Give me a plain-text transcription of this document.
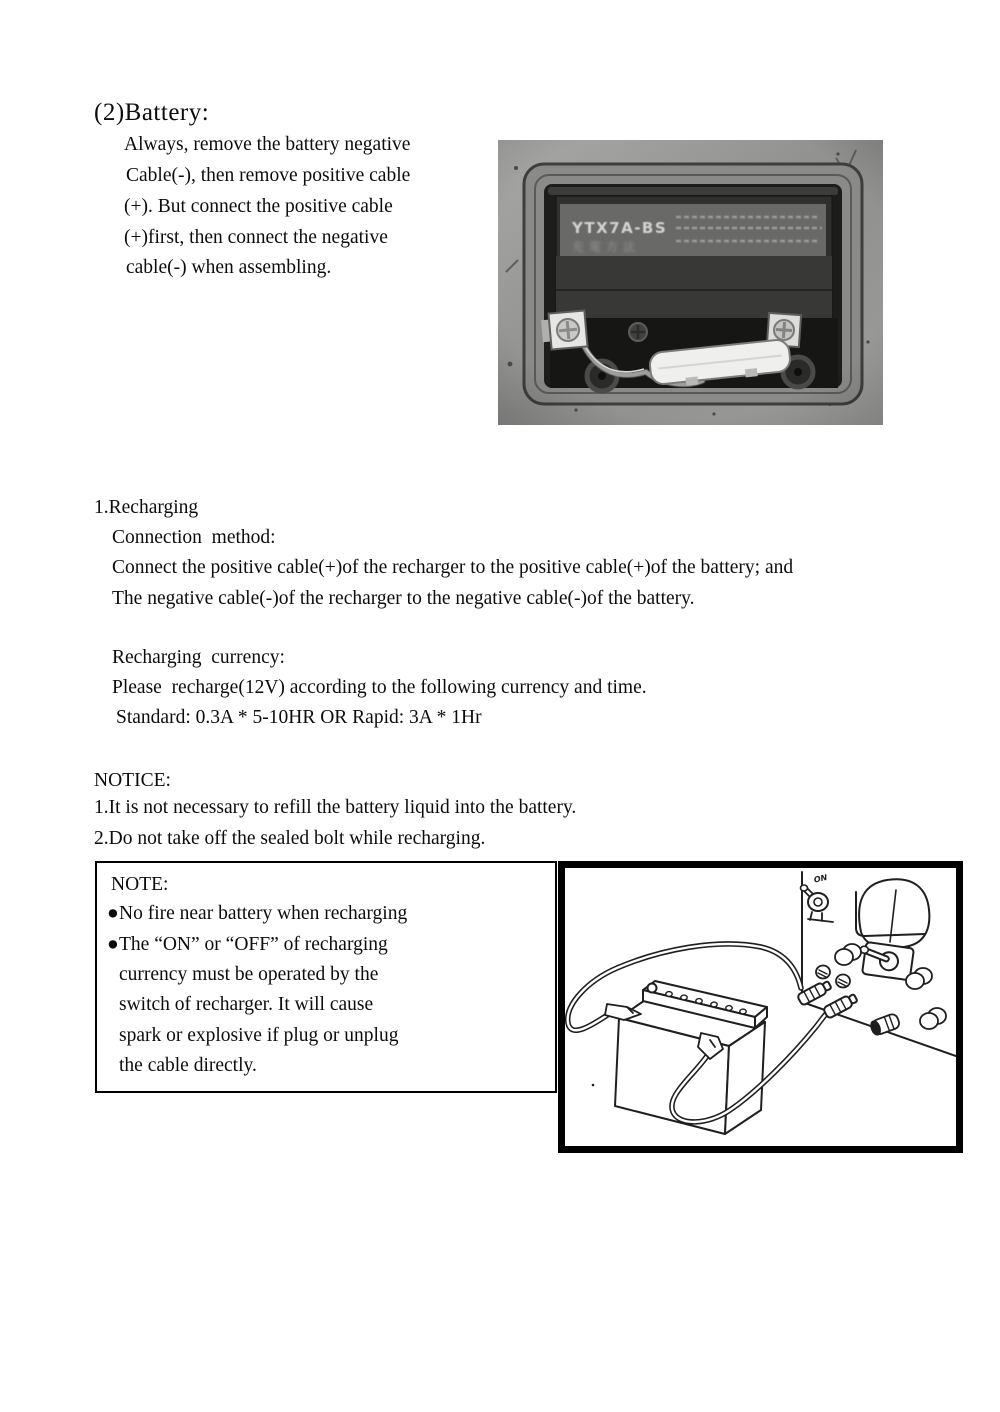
(2)Battery:
Always, remove the battery negative
Cable(-), then remove positive cable
(+). But connect the positive cable
(+)first, then connect the negative
cable(-) when assembling.
1.Recharging
Connection  method:
Connect the positive cable(+)of the recharger to the positive cable(+)of the battery; and
The negative cable(-)of the recharger to the negative cable(-)of the battery.
Recharging  currency:
Please  recharge(12V) according to the following currency and time.
Standard: 0.3A * 5-10HR OR Rapid: 3A * 1Hr
NOTICE:
1.It is not necessary to refill the battery liquid into the battery.
2.Do not take off the sealed bolt while recharging.
NOTE:
●No fire near battery when recharging
●The “ON” or “OFF” of recharging
currency must be operated by the
switch of recharger. It will cause
spark or explosive if plug or unplug
the cable directly.
ON
